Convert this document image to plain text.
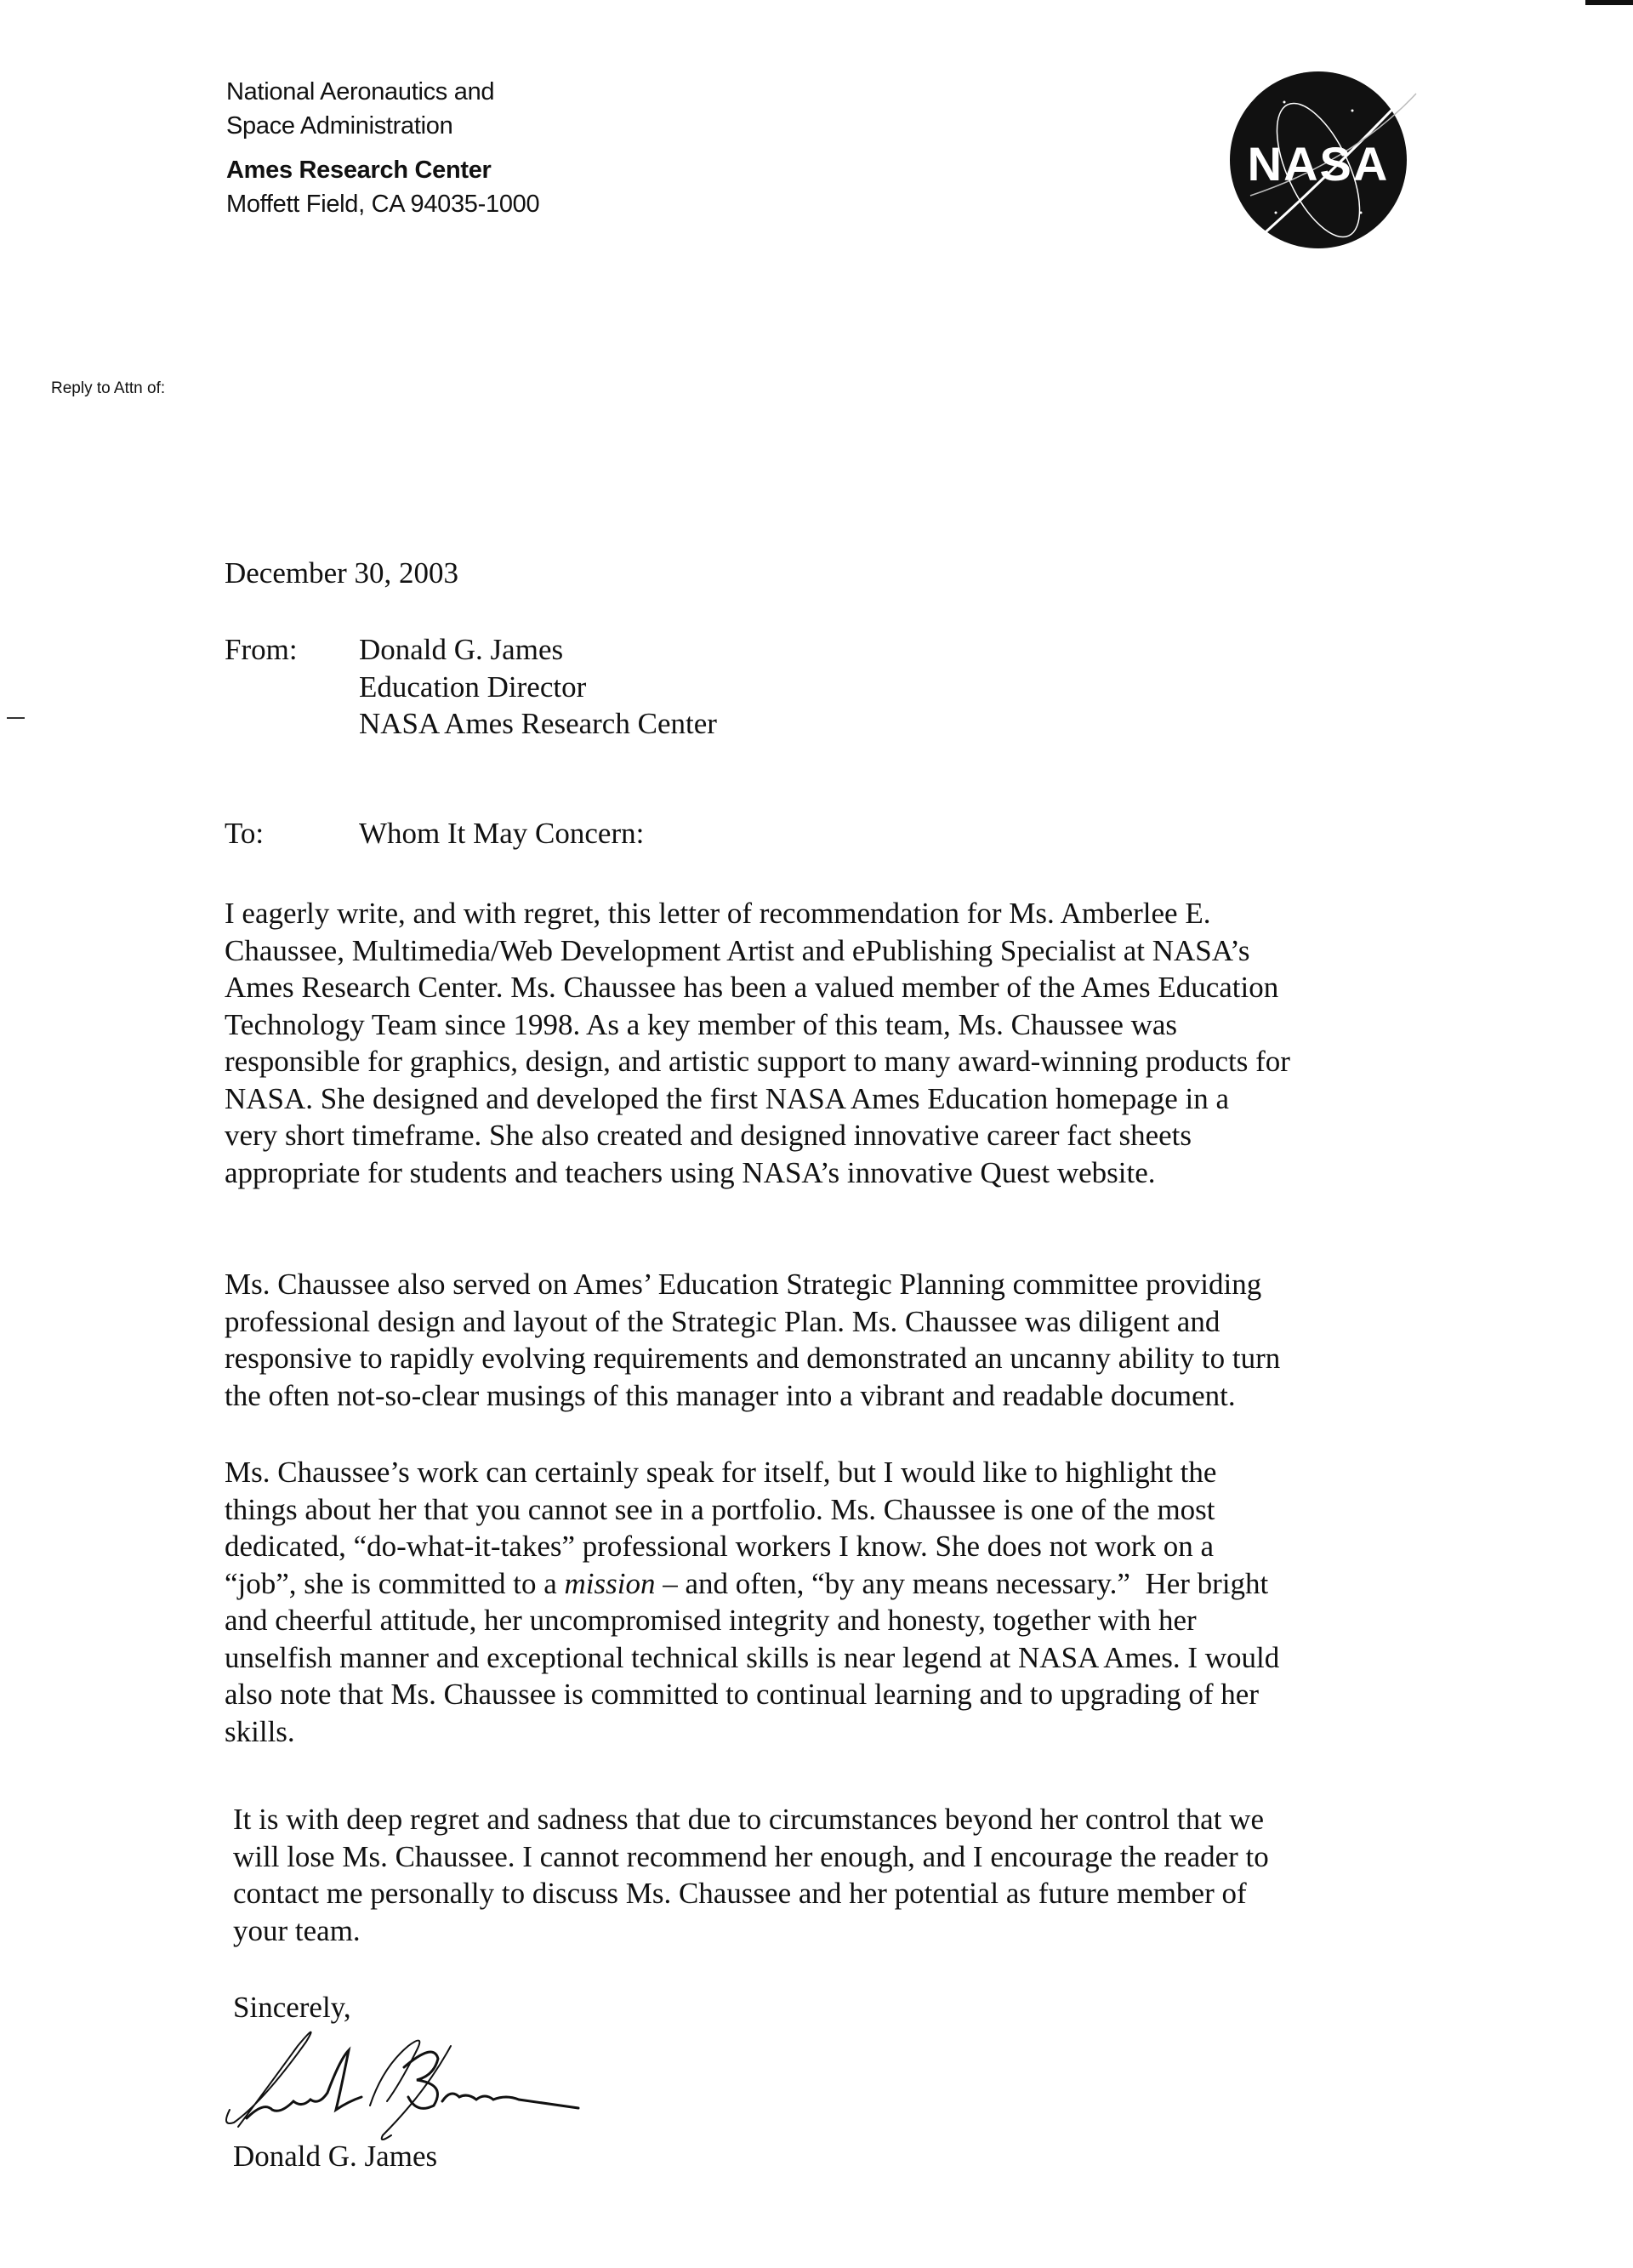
National Aeronautics and
Space Administration
Ames Research Center
Moffett Field, CA 94035-1000
NASA
Reply to Attn of:
December 30, 2003
From: Donald G. James
Education Director
NASA Ames Research Center
To:	Whom It May Concern:
I eagerly write, and with regret, this letter of recommendation for Ms. Amberlee E.
Chaussee, Multimedia/Web Development Artist and ePublishing Specialist at NASA’s
Ames Research Center. Ms. Chaussee has been a valued member of the Ames Education
Technology Team since 1998. As a key member of this team, Ms. Chaussee was
responsible for graphics, design, and artistic support to many award-winning products for
NASA. She designed and developed the first NASA Ames Education homepage in a
very short timeframe. She also created and designed innovative career fact sheets
appropriate for students and teachers using NASA’s innovative Quest website.
Ms. Chaussee also served on Ames’ Education Strategic Planning committee providing
professional design and layout of the Strategic Plan. Ms. Chaussee was diligent and
responsive to rapidly evolving requirements and demonstrated an uncanny ability to turn
the often not-so-clear musings of this manager into a vibrant and readable document.
Ms. Chaussee’s work can certainly speak for itself, but I would like to highlight the
things about her that you cannot see in a portfolio. Ms. Chaussee is one of the most
dedicated, “do-what-it-takes” professional workers I know. She does not work on a
“job”, she is committed to a mission – and often, “by any means necessary.”  Her bright
and cheerful attitude, her uncompromised integrity and honesty, together with her
unselfish manner and exceptional technical skills is near legend at NASA Ames. I would
also note that Ms. Chaussee is committed to continual learning and to upgrading of her
skills.
It is with deep regret and sadness that due to circumstances beyond her control that we
will lose Ms. Chaussee. I cannot recommend her enough, and I encourage the reader to
contact me personally to discuss Ms. Chaussee and her potential as future member of
your team.
Sincerely,
Donald G. James
